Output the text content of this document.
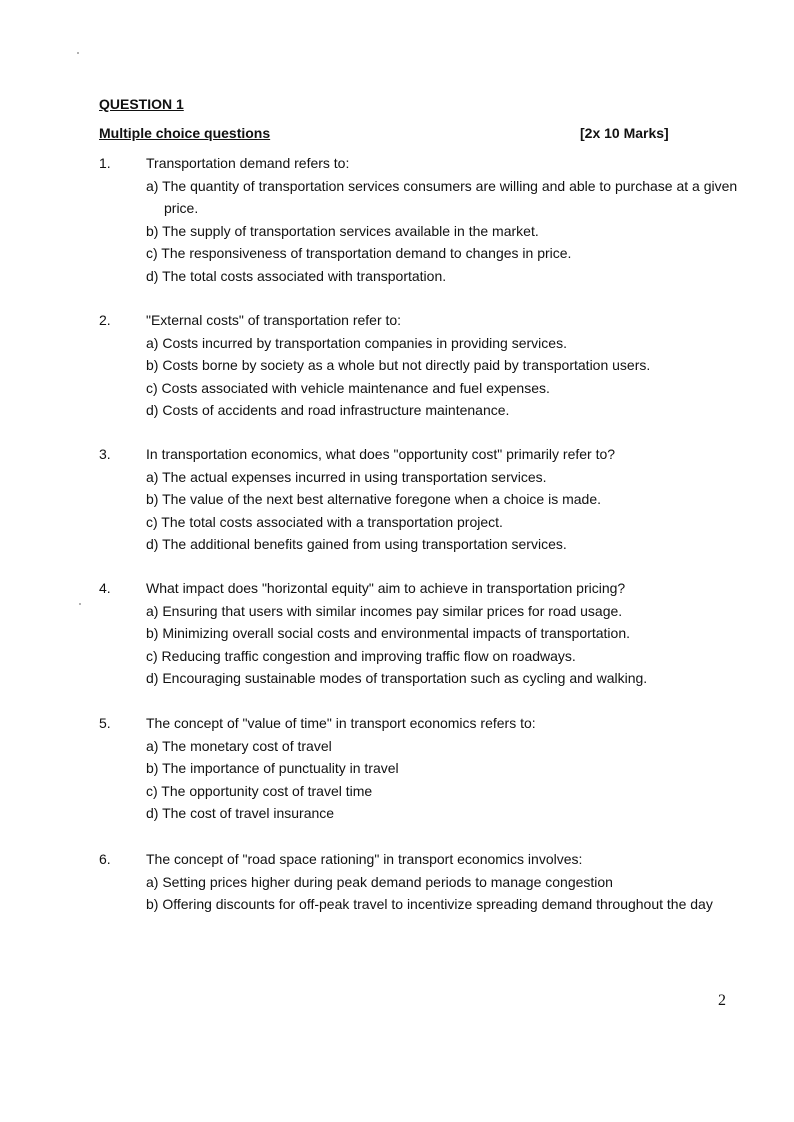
QUESTION 1
Multiple choice questions	[2x 10 Marks]
1.	Transportation demand refers to:
a) The quantity of transportation services consumers are willing and able to purchase at a given price.
b) The supply of transportation services available in the market.
c) The responsiveness of transportation demand to changes in price.
d) The total costs associated with transportation.
2.	"External costs" of transportation refer to:
a) Costs incurred by transportation companies in providing services.
b) Costs borne by society as a whole but not directly paid by transportation users.
c) Costs associated with vehicle maintenance and fuel expenses.
d) Costs of accidents and road infrastructure maintenance.
3.	In transportation economics, what does "opportunity cost" primarily refer to?
a) The actual expenses incurred in using transportation services.
b) The value of the next best alternative foregone when a choice is made.
c) The total costs associated with a transportation project.
d) The additional benefits gained from using transportation services.
4.	What impact does "horizontal equity" aim to achieve in transportation pricing?
a) Ensuring that users with similar incomes pay similar prices for road usage.
b) Minimizing overall social costs and environmental impacts of transportation.
c) Reducing traffic congestion and improving traffic flow on roadways.
d) Encouraging sustainable modes of transportation such as cycling and walking.
5.	The concept of "value of time" in transport economics refers to:
a) The monetary cost of travel
b) The importance of punctuality in travel
c) The opportunity cost of travel time
d) The cost of travel insurance
6.	The concept of "road space rationing" in transport economics involves:
a) Setting prices higher during peak demand periods to manage congestion
b) Offering discounts for off-peak travel to incentivize spreading demand throughout the day
2
